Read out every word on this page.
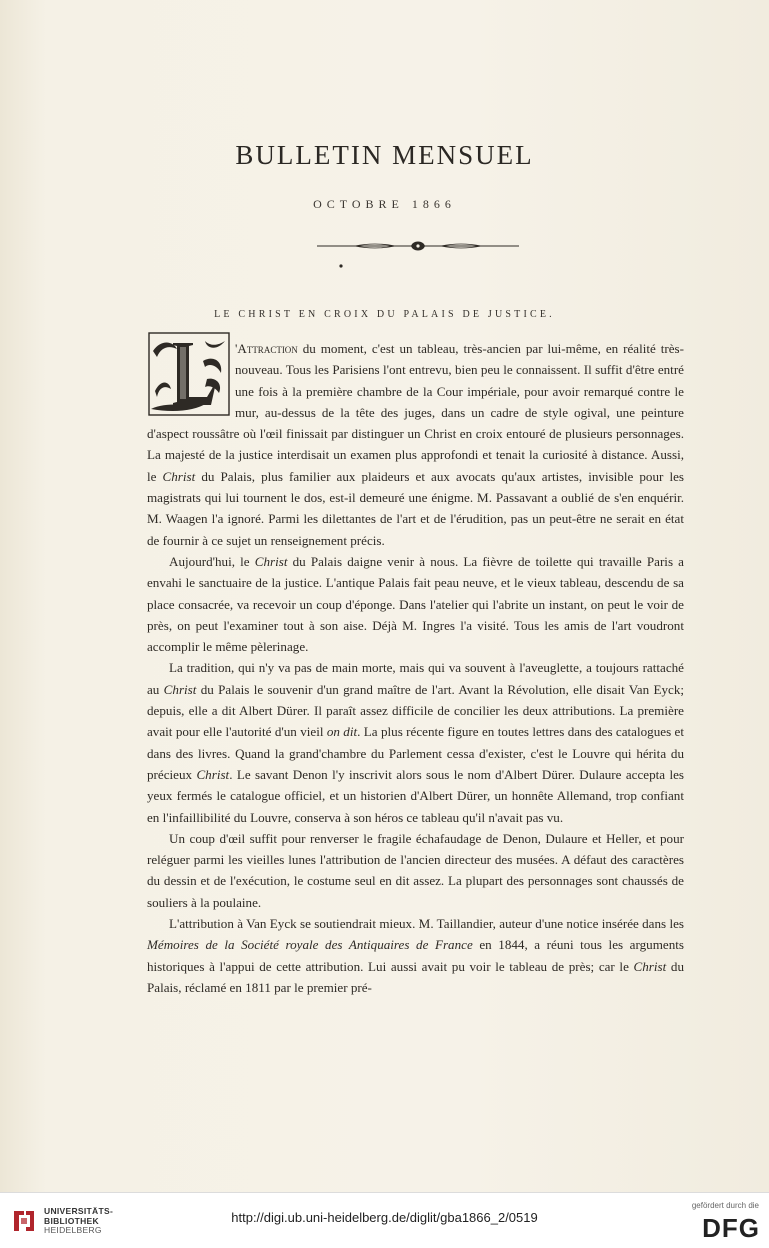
BULLETIN MENSUEL
OCTOBRE 1866
LE CHRIST EN CROIX DU PALAIS DE JUSTICE.

'Attraction du moment, c'est un tableau, très-ancien par lui-même, en réalité très-nouveau. Tous les Parisiens l'ont entrevu, bien peu le connaissent. Il suffit d'être entré une fois à la première chambre de la Cour impériale, pour avoir remarqué contre le mur, au-dessus de la tête des juges, dans un cadre de style ogival, une peinture d'aspect roussâtre où l'œil finissait par distinguer un Christ en croix entouré de plusieurs personnages. La majesté de la justice interdisait un examen plus approfondi et tenait la curiosité à distance. Aussi, le Christ du Palais, plus familier aux plaideurs et aux avocats qu'aux artistes, invisible pour les magistrats qui lui tournent le dos, est-il demeuré une énigme. M. Passavant a oublié de s'en enquérir. M. Waagen l'a ignoré. Parmi les dilettantes de l'art et de l'érudition, pas un peut-être ne serait en état de fournir à ce sujet un renseignement précis.

Aujourd'hui, le Christ du Palais daigne venir à nous. La fièvre de toilette qui travaille Paris a envahi le sanctuaire de la justice. L'antique Palais fait peau neuve, et le vieux tableau, descendu de sa place consacrée, va recevoir un coup d'éponge. Dans l'atelier qui l'abrite un instant, on peut le voir de près, on peut l'examiner tout à son aise. Déjà M. Ingres l'a visité. Tous les amis de l'art voudront accomplir le même pèlerinage.

La tradition, qui n'y va pas de main morte, mais qui va souvent à l'aveuglette, a toujours rattaché au Christ du Palais le souvenir d'un grand maître de l'art. Avant la Révolution, elle disait Van Eyck; depuis, elle a dit Albert Dürer. Il paraît assez difficile de concilier les deux attributions. La première avait pour elle l'autorité d'un vieil on dit. La plus récente figure en toutes lettres dans des catalogues et dans des livres. Quand la grand'chambre du Parlement cessa d'exister, c'est le Louvre qui hérita du précieux Christ. Le savant Denon l'y inscrivit alors sous le nom d'Albert Dürer. Dulaure accepta les yeux fermés le catalogue officiel, et un historien d'Albert Dürer, un honnête Allemand, trop confiant en l'infaillibilité du Louvre, conserva à son héros ce tableau qu'il n'avait pas vu.

Un coup d'œil suffit pour renverser le fragile échafaudage de Denon, Dulaure et Heller, et pour reléguer parmi les vieilles lunes l'attribution de l'ancien directeur des musées. A défaut des caractères du dessin et de l'exécution, le costume seul en dit assez. La plupart des personnages sont chaussés de souliers à la poulaine.

L'attribution à Van Eyck se soutiendrait mieux. M. Taillandier, auteur d'une notice insérée dans les Mémoires de la Société royale des Antiquaires de France en 1844, a réuni tous les arguments historiques à l'appui de cette attribution. Lui aussi avait pu voir le tableau de près; car le Christ du Palais, réclamé en 1811 par le premier pré-

UNIVERSITÄTS-
BIBLIOTHEK
HEIDELBERG
http://digi.ub.uni-heidelberg.de/diglit/gba1866_2/0519
gefördert durch die
DFG
